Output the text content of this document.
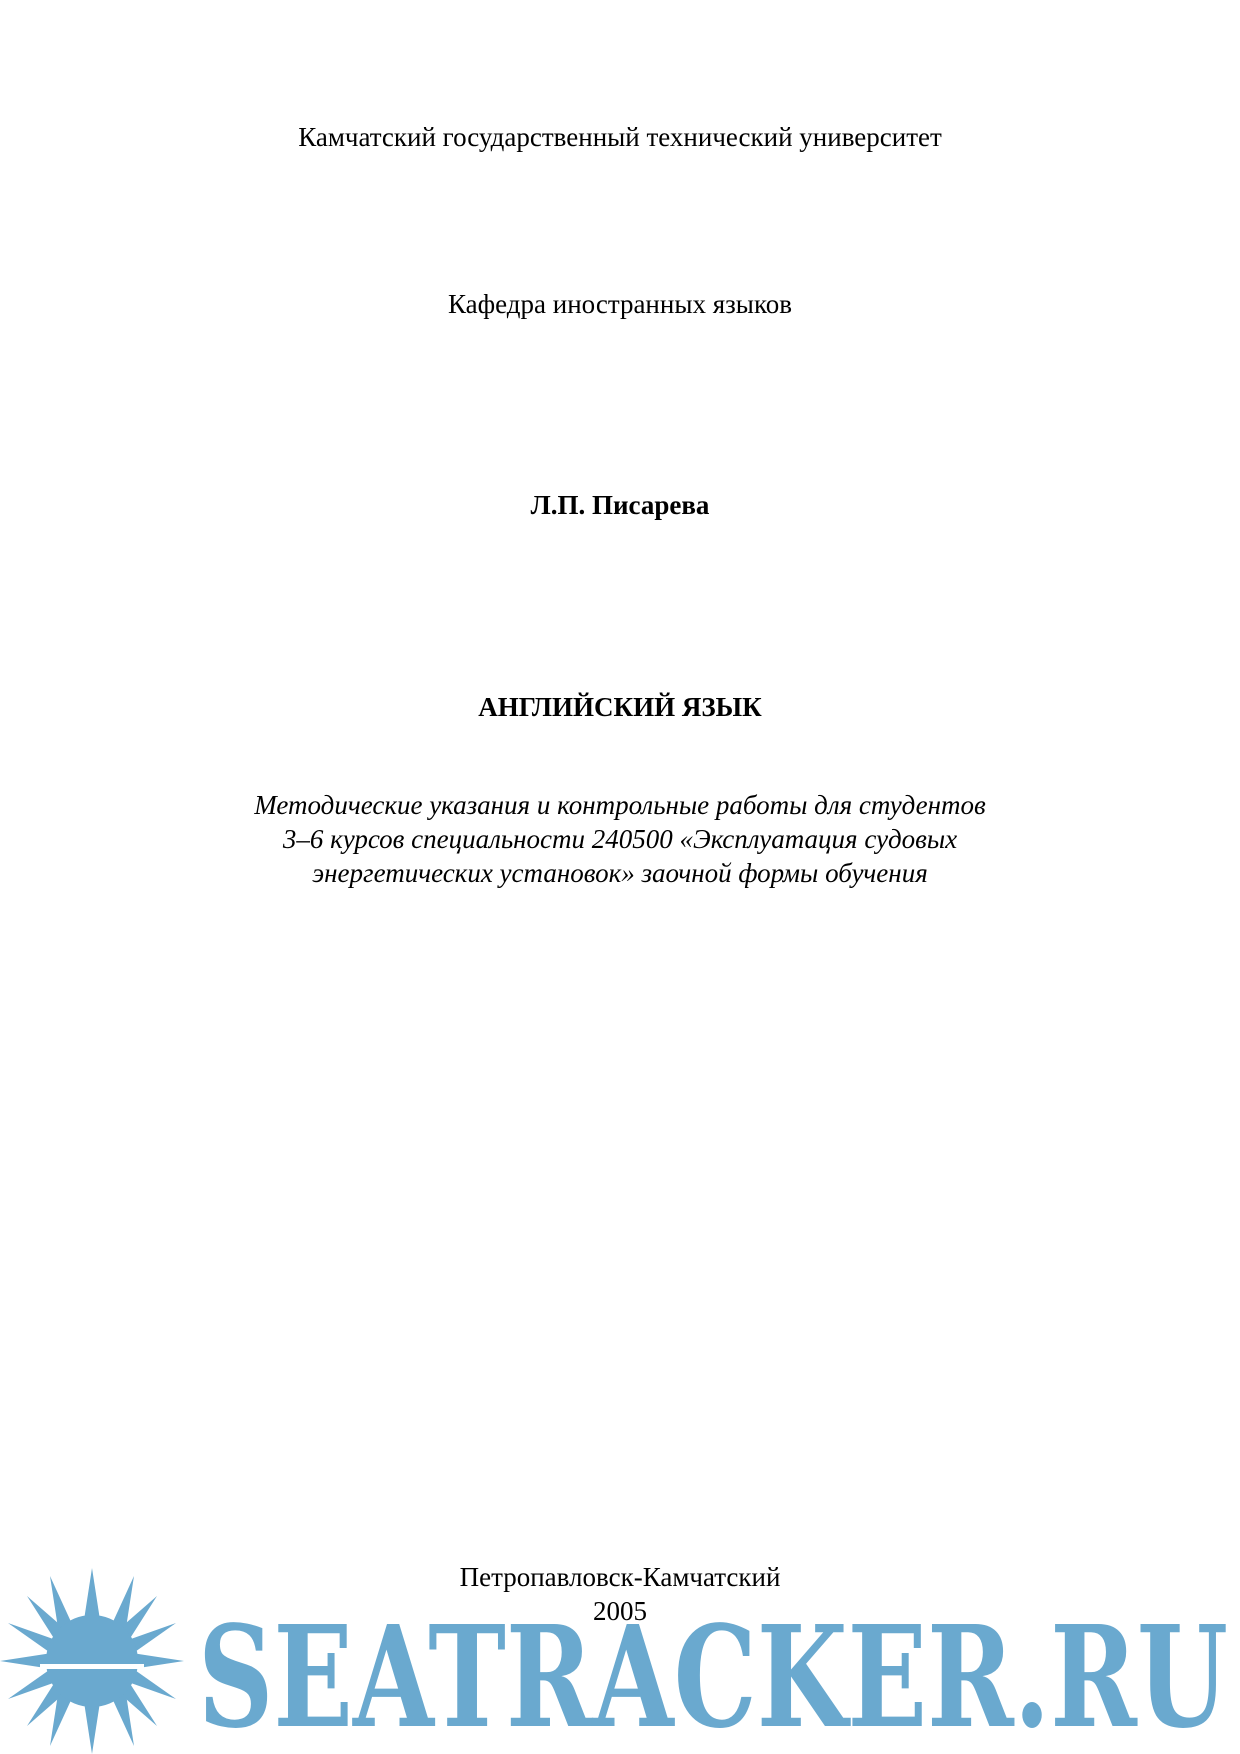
Камчатский государственный технический университет
Кафедра иностранных языков
Л.П. Писарева
АНГЛИЙСКИЙ ЯЗЫК
Методические указания и контрольные работы для студентов
3–6 курсов специальности 240500 «Эксплуатация судовых
энергетических установок» заочной формы обучения
Петропавловск-Камчатский
2005
SEATRACKER.RU
